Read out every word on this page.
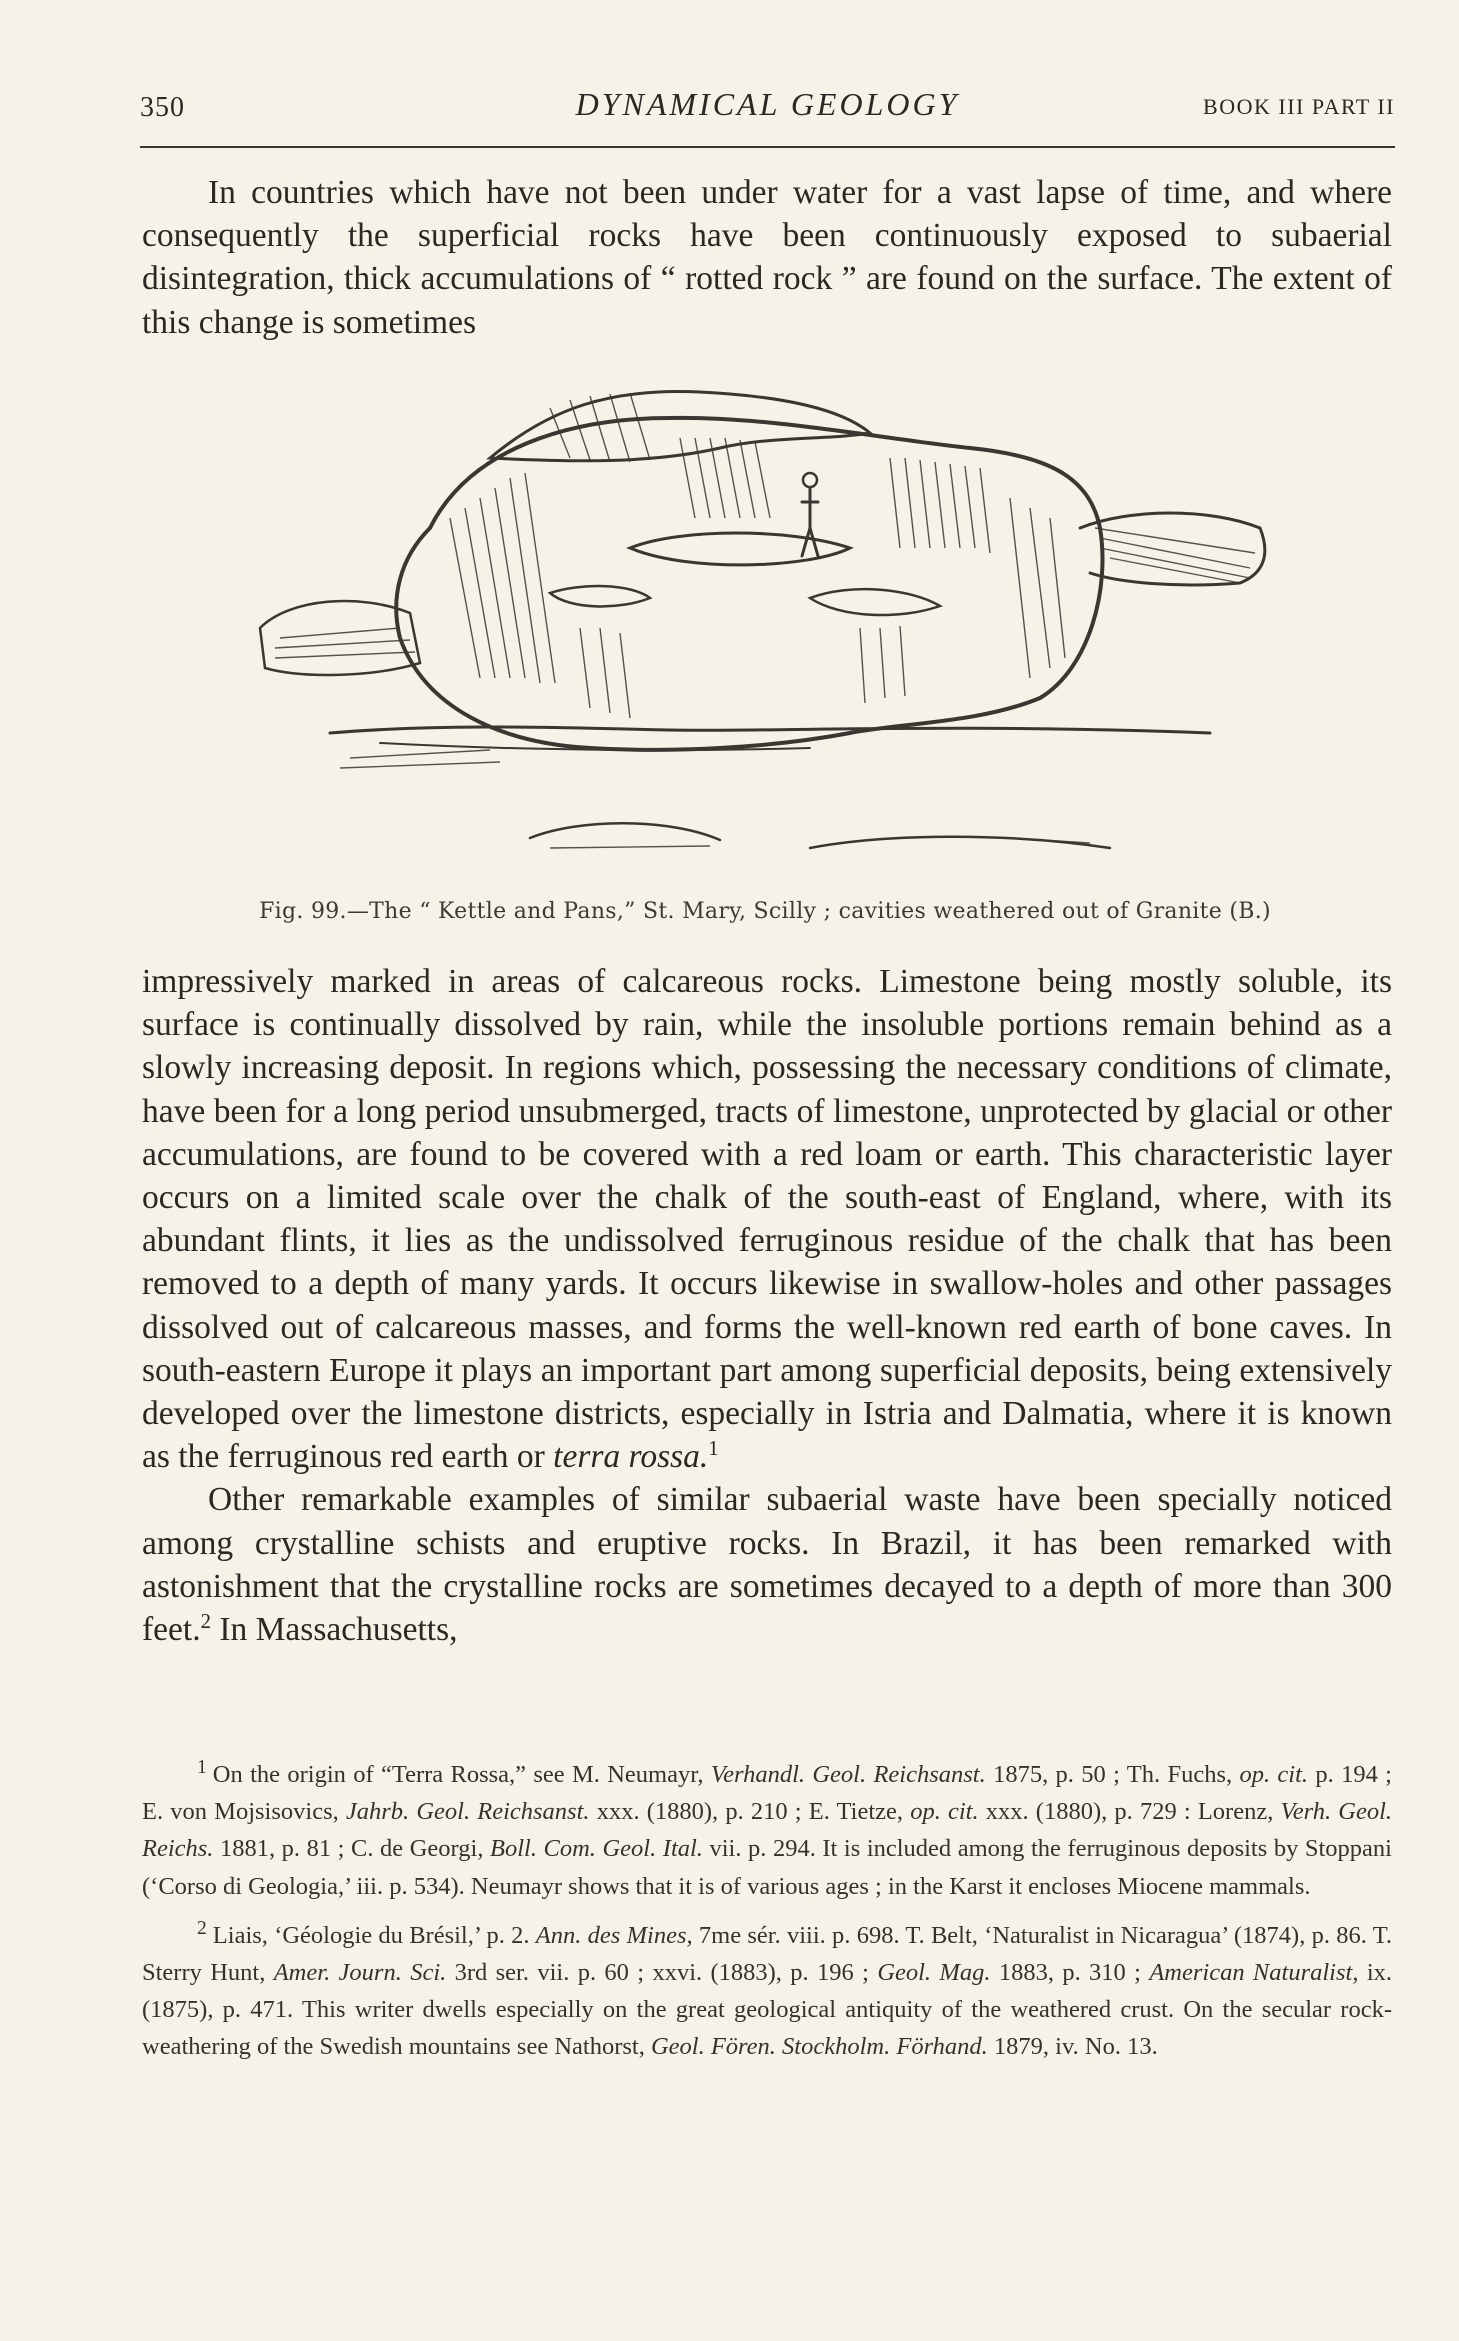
350	DYNAMICAL GEOLOGY	BOOK III PART II

In countries which have not been under water for a vast lapse of time, and where consequently the superficial rocks have been continuously exposed to subaerial disintegration, thick accumulations of “ rotted rock ” are found on the surface. The extent of this change is sometimes

Fig. 99.—The “ Kettle and Pans,” St. Mary, Scilly ; cavities weathered out of Granite (B.)

impressively marked in areas of calcareous rocks. Limestone being mostly soluble, its surface is continually dissolved by rain, while the insoluble portions remain behind as a slowly increasing deposit. In regions which, possessing the necessary conditions of climate, have been for a long period unsubmerged, tracts of limestone, unprotected by glacial or other accumulations, are found to be covered with a red loam or earth. This characteristic layer occurs on a limited scale over the chalk of the south-east of England, where, with its abundant flints, it lies as the undissolved ferruginous residue of the chalk that has been removed to a depth of many yards. It occurs likewise in swallow-holes and other passages dissolved out of calcareous masses, and forms the well-known red earth of bone caves. In south-eastern Europe it plays an important part among superficial deposits, being extensively developed over the limestone districts, especially in Istria and Dalmatia, where it is known as the ferruginous red earth or terra rossa.$^1$

Other remarkable examples of similar subaerial waste have been specially noticed among crystalline schists and eruptive rocks. In Brazil, it has been remarked with astonishment that the crystalline rocks are sometimes decayed to a depth of more than 300 feet.$^2$ In Massachusetts,

$^1$ On the origin of “Terra Rossa,” see M. Neumayr, Verhandl. Geol. Reichsanst. 1875, p. 50 ; Th. Fuchs, op. cit. p. 194 ; E. von Mojsisovics, Jahrb. Geol. Reichsanst. xxx. (1880), p. 210 ; E. Tietze, op. cit. xxx. (1880), p. 729 : Lorenz, Verh. Geol. Reichs. 1881, p. 81 ; C. de Georgi, Boll. Com. Geol. Ital. vii. p. 294. It is included among the ferruginous deposits by Stoppani (‘Corso di Geologia,’ iii. p. 534). Neumayr shows that it is of various ages ; in the Karst it encloses Miocene mammals.

$^2$ Liais, ‘Géologie du Brésil,’ p. 2. Ann. des Mines, 7me sér. viii. p. 698. T. Belt, ‘Naturalist in Nicaragua’ (1874), p. 86. T. Sterry Hunt, Amer. Journ. Sci. 3rd ser. vii. p. 60 ; xxvi. (1883), p. 196 ; Geol. Mag. 1883, p. 310 ; American Naturalist, ix. (1875), p. 471. This writer dwells especially on the great geological antiquity of the weathered crust. On the secular rock-weathering of the Swedish mountains see Nathorst, Geol. Fören. Stockholm. Förhand. 1879, iv. No. 13.
